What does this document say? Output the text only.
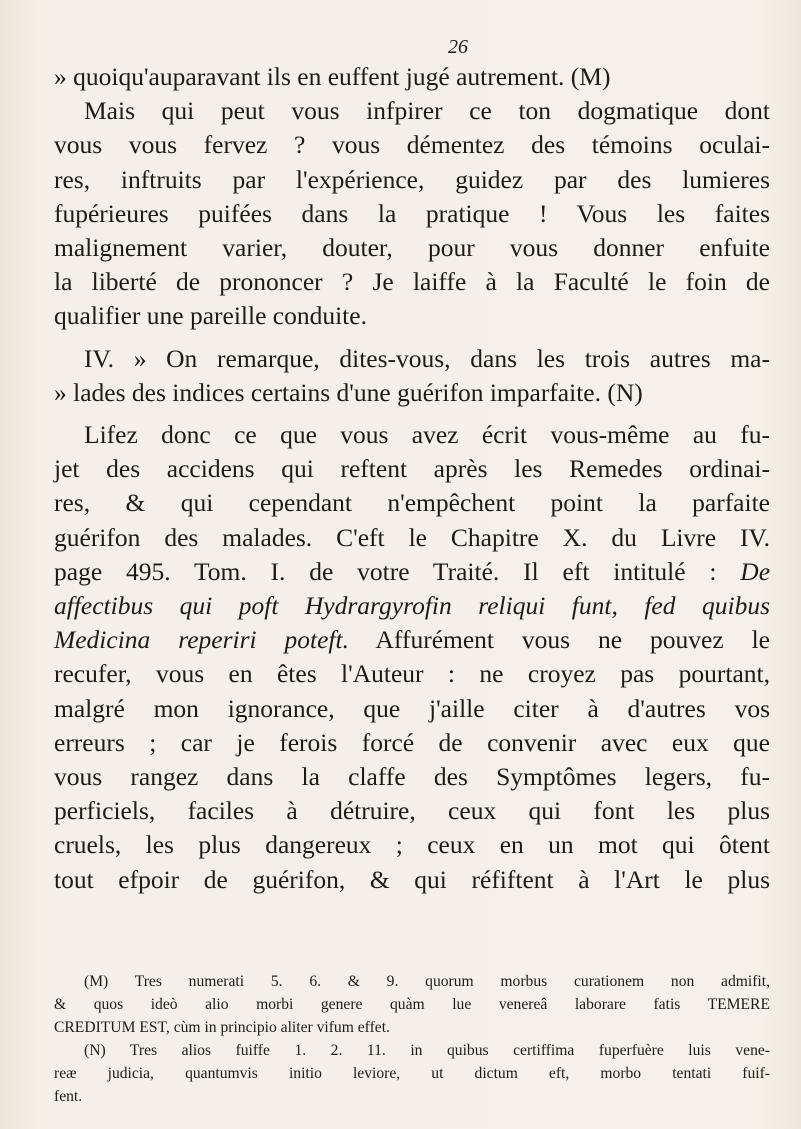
26
» quoiqu'auparavant ils en euffent jugé autrement. (M)
Mais qui peut vous infpirer ce ton dogmatique dont
vous vous fervez ? vous démentez des témoins oculai-
res, inftruits par l'expérience, guidez par des lumieres
fupérieures puifées dans la pratique ! Vous les faites
malignement varier, douter, pour vous donner enfuite
la liberté de prononcer ? Je laiffe à la Faculté le foin de
qualifier une pareille conduite.
IV. » On remarque, dites-vous, dans les trois autres ma-
» lades des indices certains d'une guérifon imparfaite. (N)
Lifez donc ce que vous avez écrit vous-même au fu-
jet des accidens qui reftent après les Remedes ordinai-
res, & qui cependant n'empêchent point la parfaite
guérifon des malades. C'eft le Chapitre X. du Livre IV.
page 495. Tom. I. de votre Traité. Il eft intitulé : De
affectibus qui poft Hydrargyrofin reliqui funt, fed quibus
Medicina reperiri poteft. Affurément vous ne pouvez le
recufer, vous en êtes l'Auteur : ne croyez pas pourtant,
malgré mon ignorance, que j'aille citer à d'autres vos
erreurs ; car je ferois forcé de convenir avec eux que
vous rangez dans la claffe des Symptômes legers, fu-
perficiels, faciles à détruire, ceux qui font les plus
cruels, les plus dangereux ; ceux en un mot qui ôtent
tout efpoir de guérifon, & qui réfiftent à l'Art le plus
(M) Tres numerati 5. 6. & 9. quorum morbus curationem non admifit,
& quos ideò alio morbi genere quàm lue venereâ laborare fatis TEMERE
CREDITUM EST, cùm in principio aliter vifum effet.
(N) Tres alios fuiffe 1. 2. 11. in quibus certiffima fuperfuère luis vene-
reæ judicia, quantumvis initio leviore, ut dictum eft, morbo tentati fuif-
fent.
